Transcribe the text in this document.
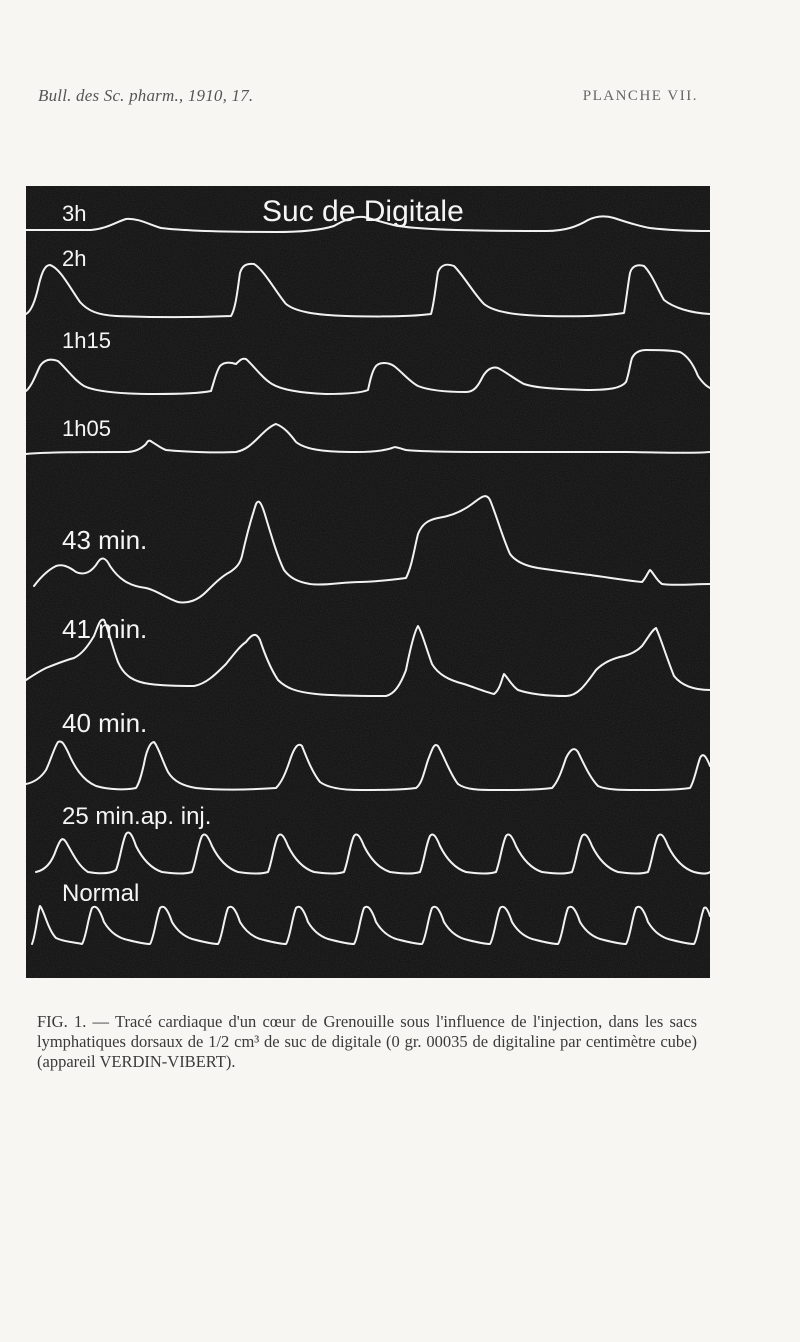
Bull. des Sc. pharm., 1910, 17.	PLANCHE VII.
Suc de Digitale
3h
2h
1h15
1h05
43 min.
41 min.
40 min.
25 min.ap. inj.
Normal
FIG. 1. — Tracé cardiaque d'un cœur de Grenouille sous l'influence de l'injection, dans les sacs lymphatiques dorsaux de 1/2 cm³ de suc de digitale (0 gr. 00035 de digitaline par centimètre cube) (appareil VERDIN-VIBERT).
